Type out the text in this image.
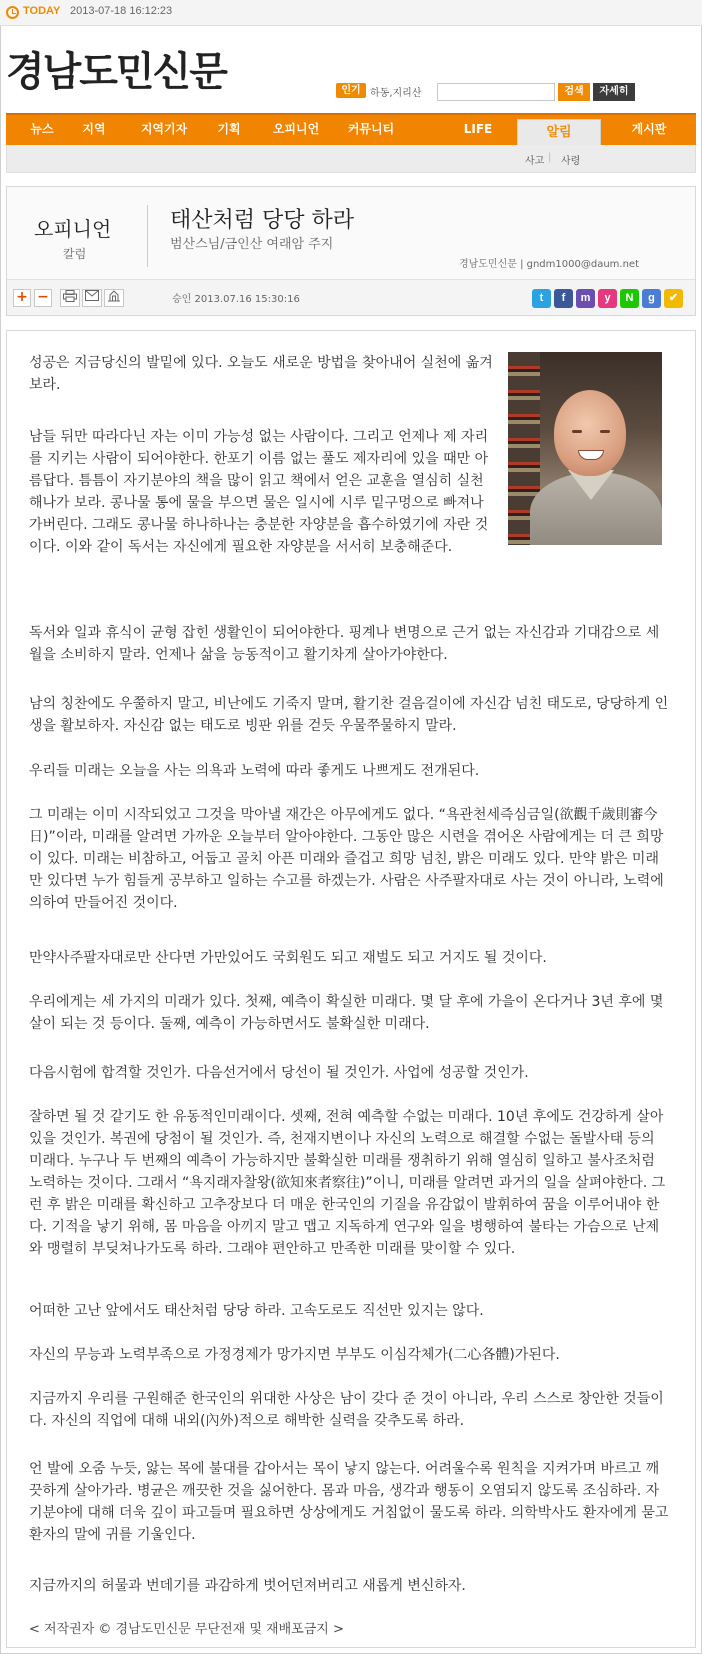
TODAY 2013-07-18 16:12:23
경남도민신문	인기 하동,지리산	검색	자세히
뉴스	지역	지역기자	기획	오피니언	커뮤니티	LIFE	알림	게시판
사고 | 사령
오피니언
칼럼
태산처럼 당당 하라
범산스님/금인산 여래암 주지
경남도민신문 | gndm1000@daum.net
+ −	승인 2013.07.16 15:30:16	t	f	m	y	N	g	✔

성공은 지금당신의 발밑에 있다. 오늘도 새로운 방법을 찾아내어 실천에 옮겨보라.

남들 뒤만 따라다닌 자는 이미 가능성 없는 사람이다. 그리고 언제나 제 자리를 지키는 사람이 되어야한다. 한포기 이름 없는 풀도 제자리에 있을 때만 아름답다. 틈틈이 자기분야의 책을 많이 읽고 책에서 얻은 교훈을 열심히 실천해나가 보라. 콩나물 통에 물을 부으면 물은 일시에 시루 밑구멍으로 빠져나가버린다. 그래도 콩나물 하나하나는 충분한 자양분을 흡수하였기에 자란 것이다. 이와 같이 독서는 자신에게 필요한 자양분을 서서히 보충해준다.

독서와 일과 휴식이 균형 잡힌 생활인이 되어야한다. 핑계나 변명으로 근거 없는 자신감과 기대감으로 세월을 소비하지 말라. 언제나 삶을 능동적이고 활기차게 살아가야한다.

남의 칭찬에도 우쭐하지 말고, 비난에도 기죽지 말며, 활기찬 걸음걸이에 자신감 넘친 태도로, 당당하게 인생을 활보하자. 자신감 없는 태도로 빙판 위를 걷듯 우물쭈물하지 말라.

우리들 미래는 오늘을 사는 의욕과 노력에 따라 좋게도 나쁘게도 전개된다.

그 미래는 이미 시작되었고 그것을 막아낼 재간은 아무에게도 없다. “욕관천세즉심금일(欲觀千歲則審今日)”이라, 미래를 알려면 가까운 오늘부터 알아야한다. 그동안 많은 시련을 겪어온 사람에게는 더 큰 희망이 있다. 미래는 비참하고, 어둡고 골치 아픈 미래와 즐겁고 희망 넘친, 밝은 미래도 있다. 만약 밝은 미래만 있다면 누가 힘들게 공부하고 일하는 수고를 하겠는가. 사람은 사주팔자대로 사는 것이 아니라, 노력에 의하여 만들어진 것이다.

만약사주팔자대로만 산다면 가만있어도 국회원도 되고 재벌도 되고 거지도 될 것이다.

우리에게는 세 가지의 미래가 있다. 첫째, 예측이 확실한 미래다. 몇 달 후에 가을이 온다거나 3년 후에 몇 살이 되는 것 등이다. 둘째, 예측이 가능하면서도 불확실한 미래다.

다음시험에 합격할 것인가. 다음선거에서 당선이 될 것인가. 사업에 성공할 것인가.

잘하면 될 것 같기도 한 유동적인미래이다. 셋째, 전혀 예측할 수없는 미래다. 10년 후에도 건강하게 살아있을 것인가. 복권에 당첨이 될 것인가. 즉, 천재지변이나 자신의 노력으로 해결할 수없는 돌발사태 등의 미래다. 누구나 두 번째의 예측이 가능하지만 불확실한 미래를 쟁취하기 위해 열심히 일하고 불사조처럼 노력하는 것이다. 그래서 “욕지래자찰왕(欲知來者察往)”이니, 미래를 알려면 과거의 일을 살펴야한다. 그런 후 밝은 미래를 확신하고 고추장보다 더 매운 한국인의 기질을 유감없이 발휘하여 꿈을 이루어내야 한다. 기적을 낳기 위해, 몸 마음을 아끼지 말고 맵고 지독하게 연구와 일을 병행하여 불타는 가슴으로 난제와 맹렬히 부딪쳐나가도록 하라. 그래야 편안하고 만족한 미래를 맞이할 수 있다.

어떠한 고난 앞에서도 태산처럼 당당 하라. 고속도로도 직선만 있지는 않다.

자신의 무능과 노력부족으로 가정경제가 망가지면 부부도 이심각체가(二心各體)가된다.

지금까지 우리를 구원해준 한국인의 위대한 사상은 남이 갖다 준 것이 아니라, 우리 스스로 창안한 것들이다. 자신의 직업에 대해 내외(內外)적으로 해박한 실력을 갖추도록 하라.

언 발에 오줌 누듯, 앓는 목에 불대를 갑아서는 목이 낳지 않는다. 어려울수록 원칙을 지켜가며 바르고 깨끗하게 살아가라. 병균은 깨끗한 것을 싫어한다. 몸과 마음, 생각과 행동이 오염되지 않도록 조심하라. 자기분야에 대해 더욱 깊이 파고들며 필요하면 상상에게도 거침없이 물도록 하라. 의학박사도 환자에게 묻고 환자의 말에 귀를 기울인다.

지금까지의 허물과 번데기를 과감하게 벗어던져버리고 새롭게 변신하자.

< 저작권자 © 경남도민신문 무단전재 및 재배포금지 >
